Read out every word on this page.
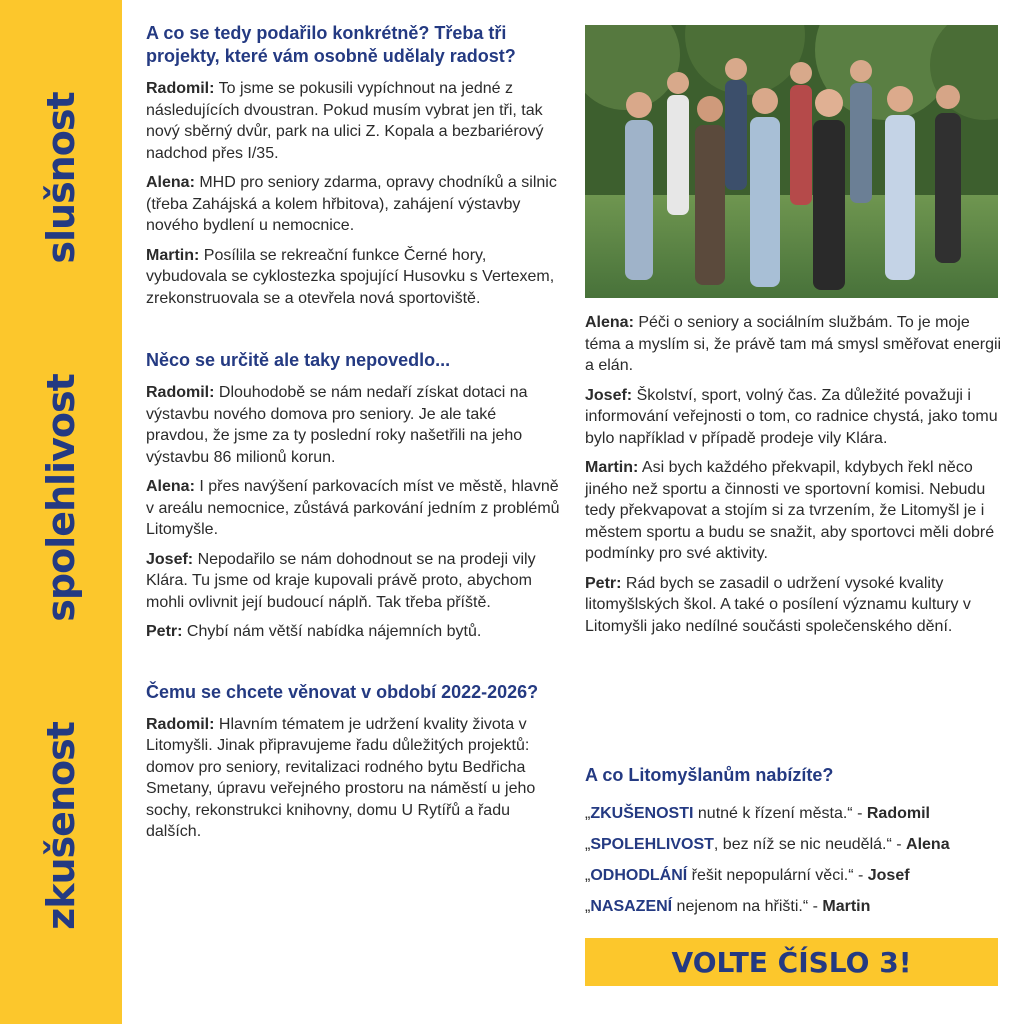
slušnost
spolehlivost
zkušenost
A co se tedy podařilo konkrétně? Třeba tři projekty, které vám osobně udělaly radost?

Radomil: To jsme se pokusili vypíchnout na jedné z následujících dvoustran. Pokud musím vybrat jen tři, tak nový sběrný dvůr, park na ulici Z. Kopala a bezbariérový nadchod přes I/35.

Alena: MHD pro seniory zdarma, opravy chodníků a silnic (třeba Zahájská a kolem hřbitova), zahájení výstavby nového bydlení u nemocnice.

Martin: Posílila se rekreační funkce Černé hory, vybudovala se cyklostezka spojující Husovku s Vertexem, zrekonstruovala se a otevřela nová sportoviště.

Něco se určitě ale taky nepovedlo...

Radomil: Dlouhodobě se nám nedaří získat dotaci na výstavbu nového domova pro seniory. Je ale také pravdou, že jsme za ty poslední roky našetřili na jeho výstavbu 86 milionů korun.

Alena: I přes navýšení parkovacích míst ve městě, hlavně v areálu nemocnice, zůstává parkování jedním z problémů Litomyšle.

Josef: Nepodařilo se nám dohodnout se na prodeji vily Klára. Tu jsme od kraje kupovali právě proto, abychom mohli ovlivnit její budoucí náplň. Tak třeba příště.

Petr: Chybí nám větší nabídka nájemních bytů.

Čemu se chcete věnovat v období 2022-2026?

Radomil: Hlavním tématem je udržení kvality života v Litomyšli. Jinak připravujeme řadu důležitých projektů: domov pro seniory, revitalizaci rodného bytu Bedřicha Smetany, úpravu veřejného prostoru na náměstí u jeho sochy, rekonstrukci knihovny, domu U Rytířů a řadu dalších.

Alena: Péči o seniory a sociálním službám. To je moje téma a myslím si, že právě tam má smysl směřovat energii a elán.

Josef: Školství, sport, volný čas. Za důležité považuji i informování veřejnosti o tom, co radnice chystá, jako tomu bylo například v případě prodeje vily Klára.

Martin: Asi bych každého překvapil, kdybych řekl něco jiného než sportu a činnosti ve sportovní komisi. Nebudu tedy překvapovat a stojím si za tvrzením, že Litomyšl je i městem sportu a budu se snažit, aby sportovci měli dobré podmínky pro své aktivity.

Petr: Rád bych se zasadil o udržení vysoké kvality litomyšlských škol. A také o posílení významu kultury v Litomyšli jako nedílné součásti společenského dění.

A co Litomyšlanům nabízíte?
„ZKUŠENOSTI nutné k řízení města.“ - Radomil
„SPOLEHLIVOST, bez níž se nic neudělá.“ - Alena
„ODHODLÁNÍ řešit nepopulární věci.“ - Josef
„NASAZENÍ nejenom na hřišti.“ - Martin
VOLTE ČÍSLO 3!
